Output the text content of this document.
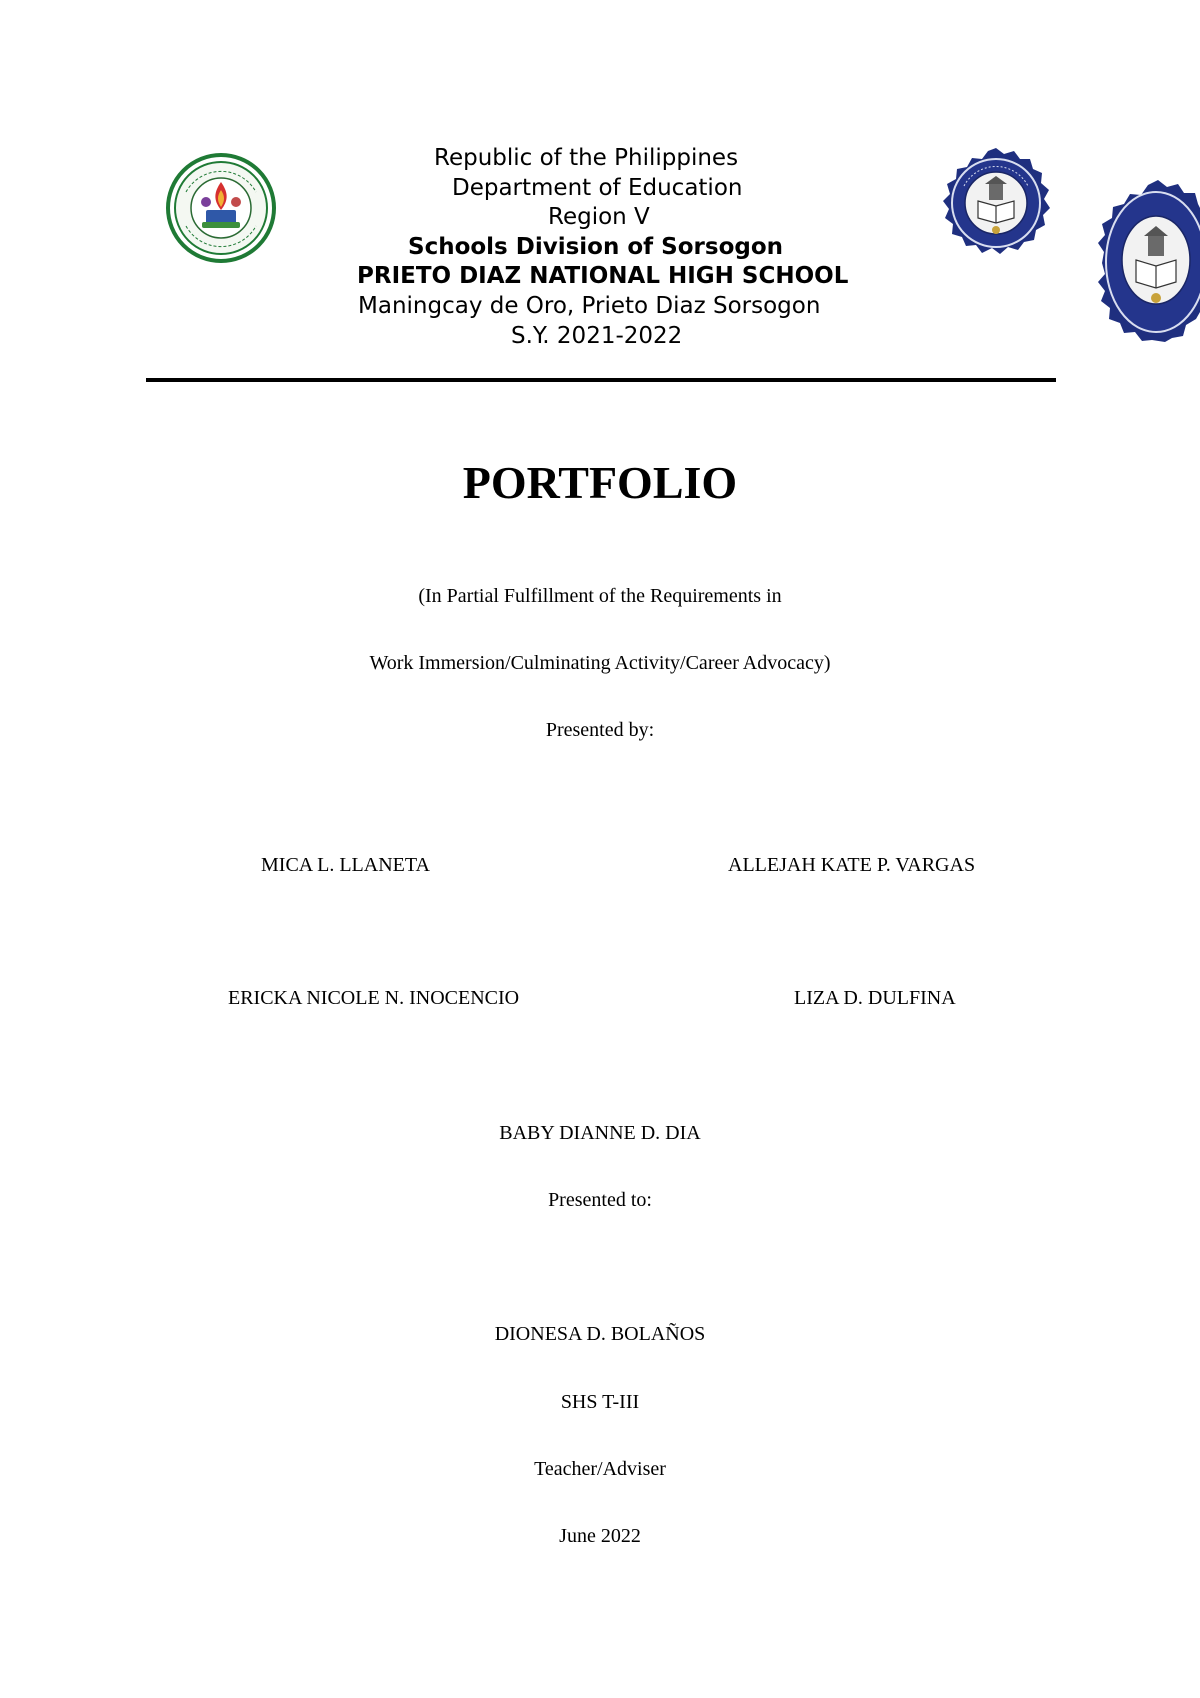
Republic of the Philippines
Department of Education
Region V
Schools Division of Sorsogon
PRIETO DIAZ NATIONAL HIGH SCHOOL
Maningcay de Oro, Prieto Diaz Sorsogon
S.Y. 2021-2022
PORTFOLIO
(In Partial Fulfillment of the Requirements in
Work Immersion/Culminating Activity/Career Advocacy)
Presented by:
MICA L. LLANETA	ALLEJAH KATE P. VARGAS
ERICKA NICOLE N. INOCENCIO	LIZA D. DULFINA
BABY DIANNE D. DIA
Presented to:
DIONESA D. BOLAÑOS
SHS T-III
Teacher/Adviser
June 2022
